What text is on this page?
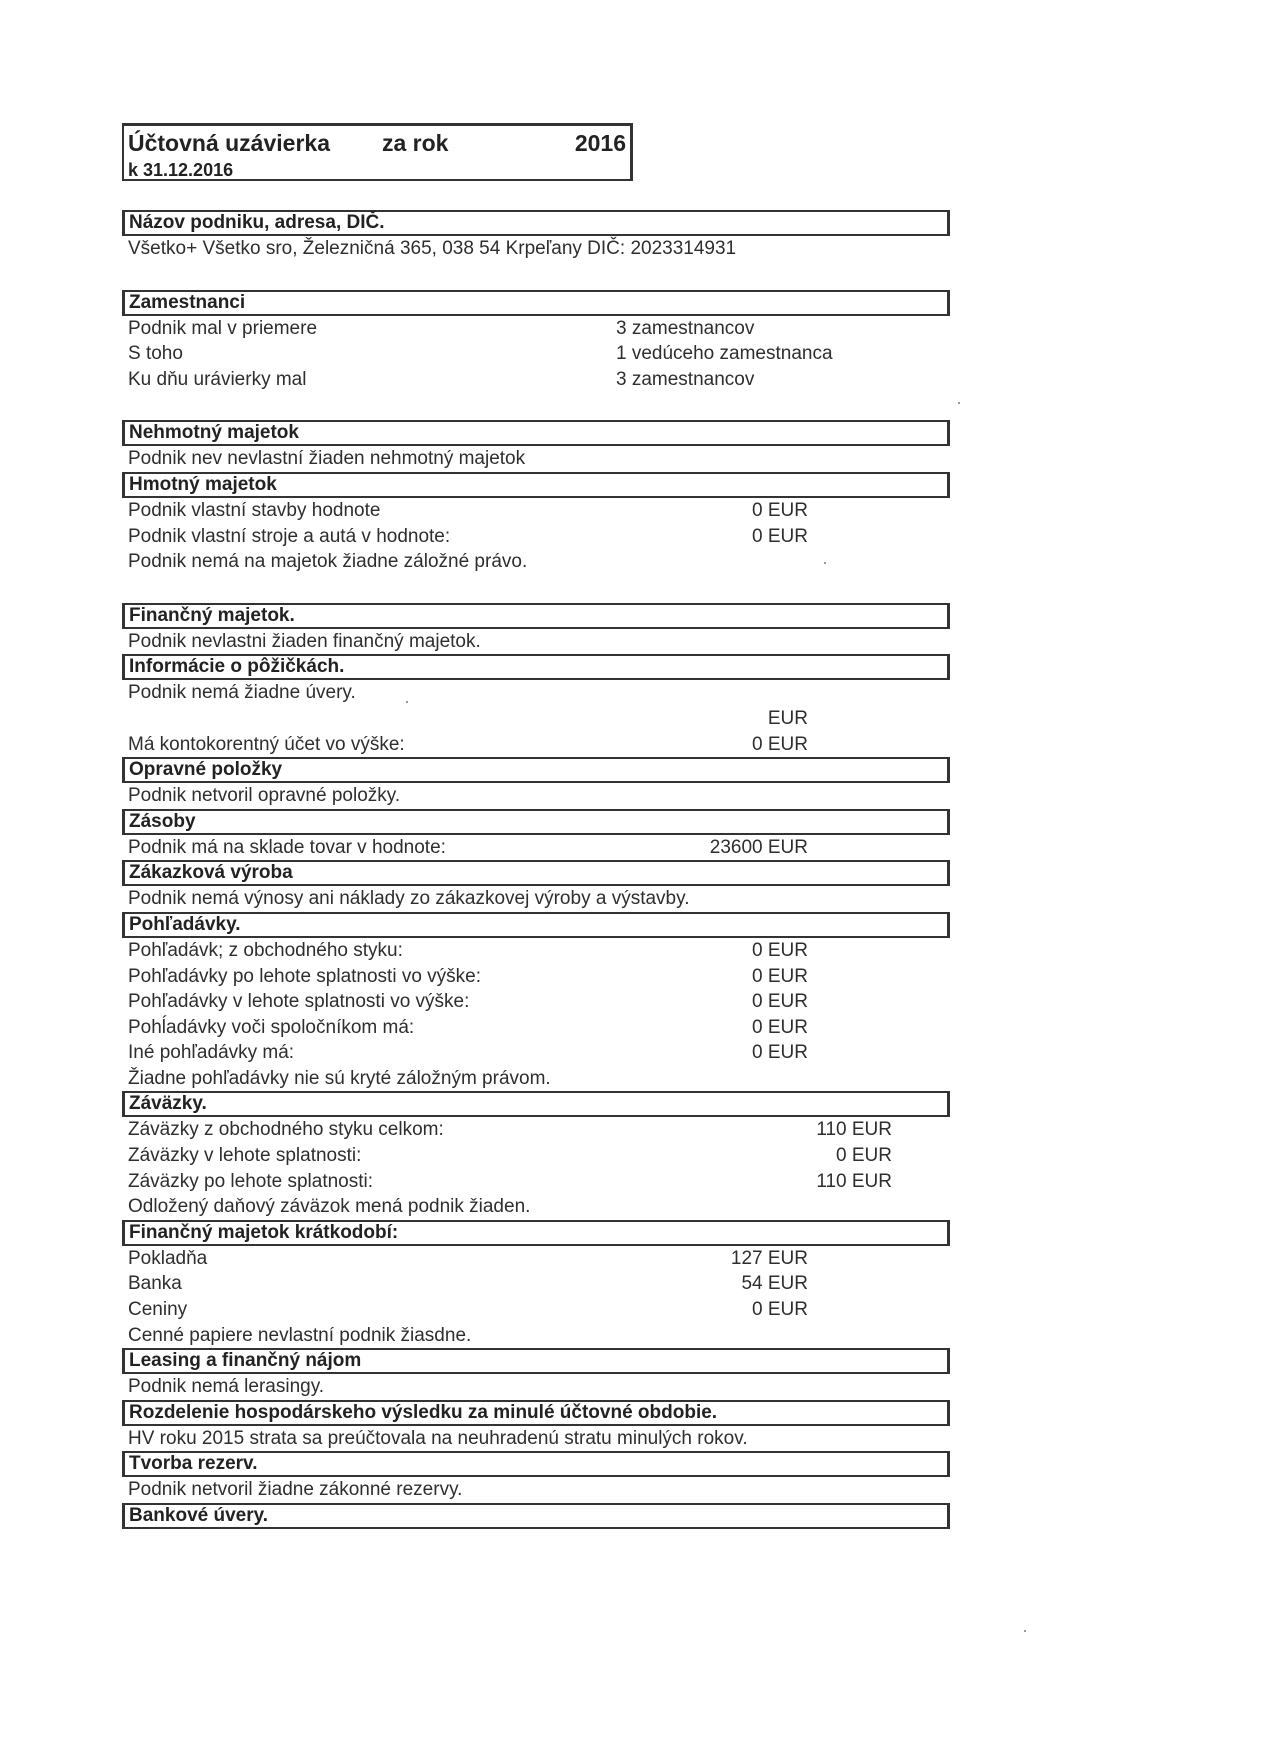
Účtovná uzávierka za rok	2016
k 31.12.2016
Názov podniku, adresa, DIČ.
Všetko+ Všetko sro, Železničná 365, 038 54 Krpeľany DIČ: 2023314931
Zamestnanci
Podnik mal v priemere	3 zamestnancov
S toho	1 vedúceho zamestnanca
Ku dňu urávierky mal	3 zamestnancov
Nehmotný majetok
Podnik nev nevlastní žiaden nehmotný majetok
Hmotný majetok
Podnik vlastní stavby hodnote	0 EUR
Podnik vlastní stroje a autá v hodnote:	0 EUR
Podnik nemá na majetok žiadne záložné právo.
Finančný majetok.
Podnik nevlastni žiaden finančný majetok.
Informácie o pôžičkách.
Podnik nemá žiadne úvery.
EUR
Má kontokorentný účet vo výške:	0 EUR
Opravné položky
Podnik netvoril opravné položky.
Zásoby
Podnik má na sklade tovar v hodnote:	23600 EUR
Zákazková výroba
Podnik nemá výnosy ani náklady zo zákazkovej výroby a výstavby.
Pohľadávky.
Pohľadávk; z obchodného styku:	0 EUR
Pohľadávky po lehote splatnosti vo výške:	0 EUR
Pohľadávky v lehote splatnosti vo výške:	0 EUR
Pohĺadávky voči spoločníkom má:	0 EUR
Iné pohľadávky má:	0 EUR
Žiadne pohľadávky nie sú kryté záložným právom.
Záväzky.
Záväzky z obchodného styku celkom:	110 EUR
Záväzky v lehote splatnosti:	0 EUR
Záväzky po lehote splatnosti:	110 EUR
Odložený daňový záväzok mená podnik žiaden.
Finančný majetok krátkodobí:
Pokladňa	127 EUR
Banka	54 EUR
Ceniny	0 EUR
Cenné papiere nevlastní podnik žiasdne.
Leasing a finančný nájom
Podnik nemá lerasingy.
Rozdelenie hospodárskeho výsledku za minulé účtovné obdobie.
HV roku 2015 strata sa preúčtovala na neuhradenú stratu minulých rokov.
Tvorba rezerv.
Podnik netvoril žiadne zákonné rezervy.
Bankové úvery.
